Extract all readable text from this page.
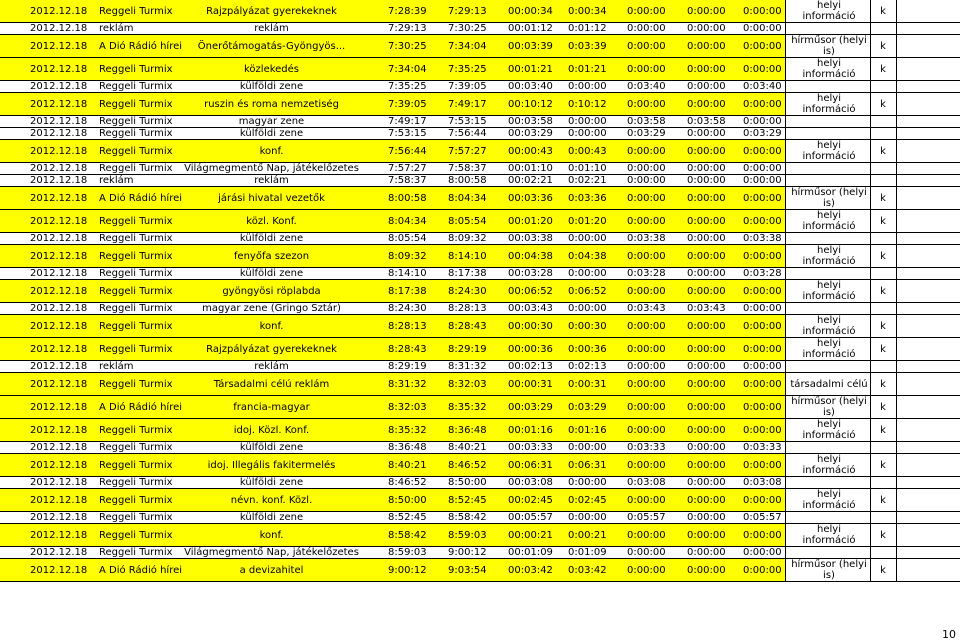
2012.12.18 Reggeli Turmix	Rajzpályázat gyerekeknek	7:28:39 7:29:13 00:00:34 0:00:34 0:00:00 0:00:00 0:00:00	helyi információ	k
2012.12.18 reklám	reklám	7:29:13 7:30:25 00:01:12 0:01:12 0:00:00 0:00:00 0:00:00
2012.12.18 A Dió Rádió hírei	Önerőtámogatás-Gyöngyös...	7:30:25 7:34:04 00:03:39 0:03:39 0:00:00 0:00:00 0:00:00 hírműsor (helyi is)	k
2012.12.18 Reggeli Turmix	közlekedés	7:34:04 7:35:25 00:01:21 0:01:21 0:00:00 0:00:00 0:00:00	helyi információ	k
2012.12.18 Reggeli Turmix	külföldi zene	7:35:25 7:39:05 00:03:40 0:00:00 0:03:40 0:00:00 0:03:40
2012.12.18 Reggeli Turmix	ruszin és roma nemzetiség	7:39:05 7:49:17 00:10:12 0:10:12 0:00:00 0:00:00 0:00:00	helyi információ	k
2012.12.18 Reggeli Turmix	magyar zene	7:49:17 7:53:15 00:03:58 0:00:00 0:03:58 0:03:58 0:00:00
2012.12.18 Reggeli Turmix	külföldi zene	7:53:15 7:56:44 00:03:29 0:00:00 0:03:29 0:00:00 0:03:29
2012.12.18 Reggeli Turmix	konf.	7:56:44 7:57:27 00:00:43 0:00:43 0:00:00 0:00:00 0:00:00	helyi információ	k
2012.12.18 Reggeli Turmix	Világmegmentő Nap, játékelőzetes	7:57:27 7:58:37 00:01:10 0:01:10 0:00:00 0:00:00 0:00:00
2012.12.18 reklám	reklám	7:58:37 8:00:58 00:02:21 0:02:21 0:00:00 0:00:00 0:00:00
2012.12.18 A Dió Rádió hírei	járási hivatal vezetők	8:00:58 8:04:34 00:03:36 0:03:36 0:00:00 0:00:00 0:00:00 hírműsor (helyi is)	k
2012.12.18 Reggeli Turmix	közl. Konf.	8:04:34 8:05:54 00:01:20 0:01:20 0:00:00 0:00:00 0:00:00	helyi információ	k
2012.12.18 Reggeli Turmix	külföldi zene	8:05:54 8:09:32 00:03:38 0:00:00 0:03:38 0:00:00 0:03:38
2012.12.18 Reggeli Turmix	fenyőfa szezon	8:09:32 8:14:10 00:04:38 0:04:38 0:00:00 0:00:00 0:00:00	helyi információ	k
2012.12.18 Reggeli Turmix	külföldi zene	8:14:10 8:17:38 00:03:28 0:00:00 0:03:28 0:00:00 0:03:28
2012.12.18 Reggeli Turmix	gyöngyösi röplabda	8:17:38 8:24:30 00:06:52 0:06:52 0:00:00 0:00:00 0:00:00	helyi információ	k
2012.12.18 Reggeli Turmix	magyar zene (Gringo Sztár)	8:24:30 8:28:13 00:03:43 0:00:00 0:03:43 0:03:43 0:00:00
2012.12.18 Reggeli Turmix	konf.	8:28:13 8:28:43 00:00:30 0:00:30 0:00:00 0:00:00 0:00:00	helyi információ	k
2012.12.18 Reggeli Turmix	Rajzpályázat gyerekeknek	8:28:43 8:29:19 00:00:36 0:00:36 0:00:00 0:00:00 0:00:00	helyi információ	k
2012.12.18 reklám	reklám	8:29:19 8:31:32 00:02:13 0:02:13 0:00:00 0:00:00 0:00:00
2012.12.18 Reggeli Turmix	Társadalmi célú reklám	8:31:32 8:32:03 00:00:31 0:00:31 0:00:00 0:00:00 0:00:00 társadalmi célú	k
2012.12.18 A Dió Rádió hírei	francia-magyar	8:32:03 8:35:32 00:03:29 0:03:29 0:00:00 0:00:00 0:00:00 hírműsor (helyi is)	k
2012.12.18 Reggeli Turmix	idoj. Közl. Konf.	8:35:32 8:36:48 00:01:16 0:01:16 0:00:00 0:00:00 0:00:00	helyi információ	k
2012.12.18 Reggeli Turmix	külföldi zene	8:36:48 8:40:21 00:03:33 0:00:00 0:03:33 0:00:00 0:03:33
2012.12.18 Reggeli Turmix	idoj. Illegális fakitermelés	8:40:21 8:46:52 00:06:31 0:06:31 0:00:00 0:00:00 0:00:00	helyi információ	k
2012.12.18 Reggeli Turmix	külföldi zene	8:46:52 8:50:00 00:03:08 0:00:00 0:03:08 0:00:00 0:03:08
2012.12.18 Reggeli Turmix	névn. konf. Közl.	8:50:00 8:52:45 00:02:45 0:02:45 0:00:00 0:00:00 0:00:00	helyi információ	k
2012.12.18 Reggeli Turmix	külföldi zene	8:52:45 8:58:42 00:05:57 0:00:00 0:05:57 0:00:00 0:05:57
2012.12.18 Reggeli Turmix	konf.	8:58:42 8:59:03 00:00:21 0:00:21 0:00:00 0:00:00 0:00:00	helyi információ	k
2012.12.18 Reggeli Turmix	Világmegmentő Nap, játékelőzetes	8:59:03 9:00:12 00:01:09 0:01:09 0:00:00 0:00:00 0:00:00
2012.12.18 A Dió Rádió hírei	a devizahitel	9:00:12 9:03:54 00:03:42 0:03:42 0:00:00 0:00:00 0:00:00 hírműsor (helyi is)	k
10
